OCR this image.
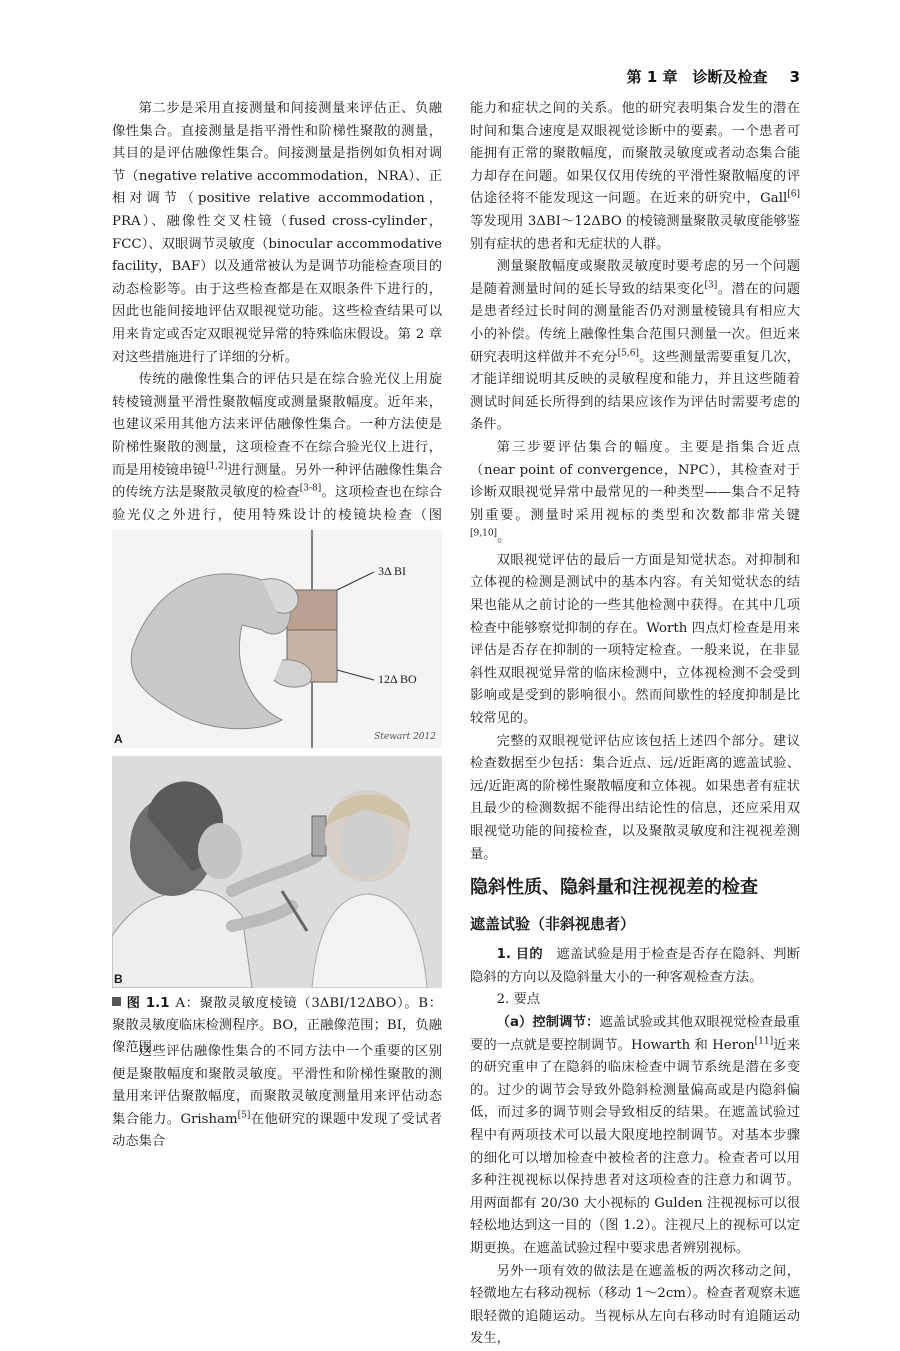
第 1 章　诊断及检查 3

第二步是采用直接测量和间接测量来评估正、负融像性集合。直接测量是指平滑性和阶梯性聚散的测量，其目的是评估融像性集合。间接测量是指例如负相对调节（negative relative accommodation，NRA）、正相对调节（positive relative accommodation，PRA）、融像性交叉柱镜（fused cross-cylinder，FCC）、双眼调节灵敏度（binocular accommodative facility，BAF）以及通常被认为是调节功能检查项目的动态检影等。由于这些检查都是在双眼条件下进行的，因此也能间接地评估双眼视觉功能。这些检查结果可以用来肯定或否定双眼视觉异常的特殊临床假设。第 2 章对这些措施进行了详细的分析。

传统的融像性集合的评估只是在综合验光仪上用旋转棱镜测量平滑性聚散幅度或测量聚散幅度。近年来，也建议采用其他方法来评估融像性集合。一种方法使是阶梯性聚散的测量，这项检查不在综合验光仪上进行，而是用棱镜串镜[1,2]进行测量。另外一种评估融像性集合的传统方法是聚散灵敏度的检查[3-8]。这项检查也在综合验光仪之外进行，使用特殊设计的棱镜块检查（图

3Δ BI
12Δ BO
Stewart 2012
A
B
图 1.1 A：聚散灵敏度棱镜（3ΔBI/12ΔBO）。B：聚散灵敏度临床检测程序。BO，正融像范围；BI，负融像范围

这些评估融像性集合的不同方法中一个重要的区别便是聚散幅度和聚散灵敏度。平滑性和阶梯性聚散的测量用来评估聚散幅度，而聚散灵敏度测量用来评估动态集合能力。Grisham[5]在他研究的课题中发现了受试者动态集合

能力和症状之间的关系。他的研究表明集合发生的潜在时间和集合速度是双眼视觉诊断中的要素。一个患者可能拥有正常的聚散幅度，而聚散灵敏度或者动态集合能力却存在问题。如果仅仅用传统的平滑性聚散幅度的评估途径将不能发现这一问题。在近来的研究中，Gall[6]等发现用 3ΔBI～12ΔBO 的棱镜测量聚散灵敏度能够鉴别有症状的患者和无症状的人群。

测量聚散幅度或聚散灵敏度时要考虑的另一个问题是随着测量时间的延长导致的结果变化[3]。潜在的问题是患者经过长时间的测量能否仍对测量棱镜具有相应大小的补偿。传统上融像性集合范围只测量一次。但近来研究表明这样做并不充分[5,6]。这些测量需要重复几次，才能详细说明其反映的灵敏程度和能力，并且这些随着测试时间延长所得到的结果应该作为评估时需要考虑的条件。

第三步要评估集合的幅度。主要是指集合近点（near point of convergence，NPC），其检查对于诊断双眼视觉异常中最常见的一种类型——集合不足特别重要。测量时采用视标的类型和次数都非常关键[9,10]。

双眼视觉评估的最后一方面是知觉状态。对抑制和立体视的检测是测试中的基本内容。有关知觉状态的结果也能从之前讨论的一些其他检测中获得。在其中几项检查中能够察觉抑制的存在。Worth 四点灯检查是用来评估是否存在抑制的一项特定检查。一般来说，在非显斜性双眼视觉异常的临床检测中，立体视检测不会受到影响或是受到的影响很小。然而间歇性的轻度抑制是比较常见的。

完整的双眼视觉评估应该包括上述四个部分。建议检查数据至少包括：集合近点、远/近距离的遮盖试验、远/近距离的阶梯性聚散幅度和立体视。如果患者有症状且最少的检测数据不能得出结论性的信息，还应采用双眼视觉功能的间接检查，以及聚散灵敏度和注视视差测量。

隐斜性质、隐斜量和注视视差的检查
遮盖试验（非斜视患者）

1. 目的　 遮盖试验是用于检查是否存在隐斜、判断隐斜的方向以及隐斜量大小的一种客观检查方法。

2. 要点

（a）控制调节：遮盖试验或其他双眼视觉检查最重要的一点就是要控制调节。Howarth 和 Heron[11]近来的研究重申了在隐斜的临床检查中调节系统是潜在多变的。过少的调节会导致外隐斜检测量偏高或是内隐斜偏低，而过多的调节则会导致相反的结果。在遮盖试验过程中有两项技术可以最大限度地控制调节。对基本步骤的细化可以增加检查中被检者的注意力。检查者可以用多种注视视标以保持患者对这项检查的注意力和调节。用两面都有 20/30 大小视标的 Gulden 注视视标可以很轻松地达到这一目的（图 1.2）。注视尺上的视标可以定期更换。在遮盖试验过程中要求患者辨别视标。

另外一项有效的做法是在遮盖板的两次移动之间，轻微地左右移动视标（移动 1～2cm）。检查者观察未遮眼轻微的追随运动。当视标从左向右移动时有追随运动发生，
